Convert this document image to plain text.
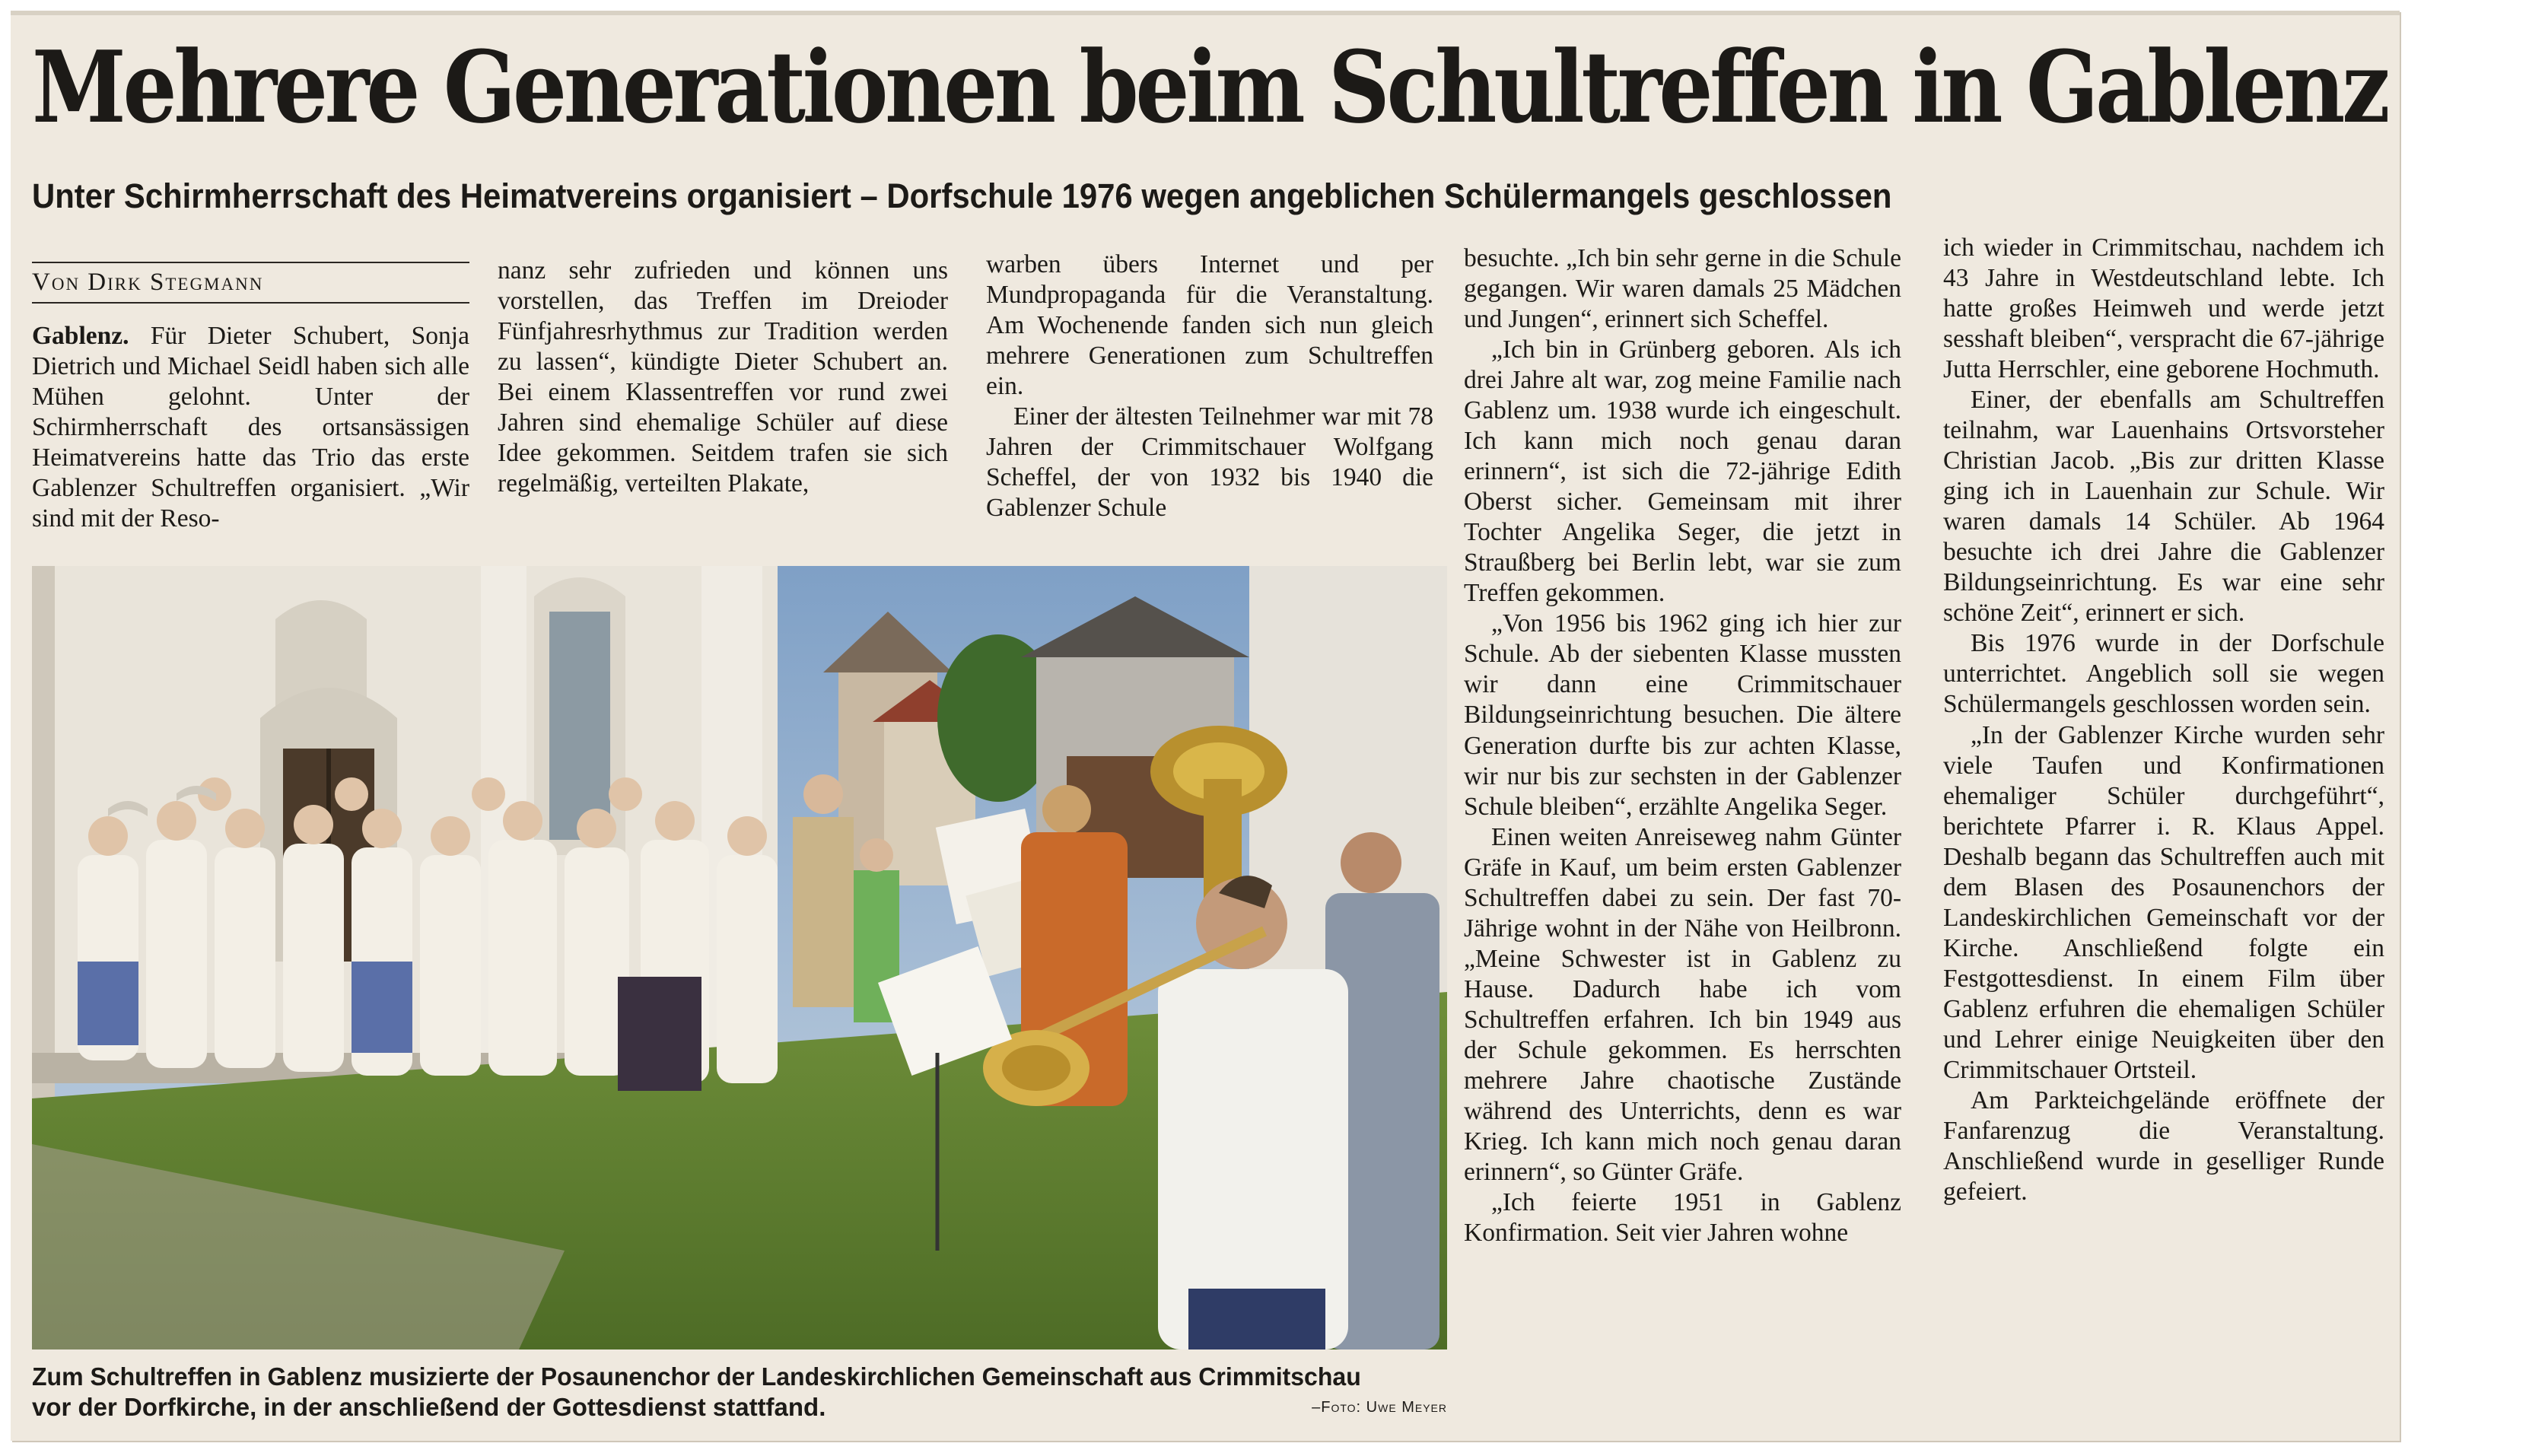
Mehrere Generationen beim Schultreffen in Gablenz
Unter Schirmherrschaft des Heimatvereins organisiert – Dorfschule 1976 wegen angeblichen Schülermangels geschlossen
Von Dirk Stegmann

Gablenz. Für Dieter Schubert, Sonja Dietrich und Michael Seidl haben sich alle Mühen gelohnt. Unter der Schirmherrschaft des ortsansässigen Heimatvereins hatte das Trio das erste Gablenzer Schultreffen organisiert. „Wir sind mit der Reso-

nanz sehr zufrieden und können uns vorstellen, das Treffen im Dreioder Fünfjahresrhythmus zur Tradition werden zu lassen“, kündigte Dieter Schubert an. Bei einem Klassentreffen vor rund zwei Jahren sind ehemalige Schüler auf diese Idee gekommen. Seitdem trafen sie sich regelmäßig, verteilten Plakate,

warben übers Internet und per Mundpropaganda für die Veranstaltung. Am Wochenende fanden sich nun gleich mehrere Generationen zum Schultreffen ein.

Einer der ältesten Teilnehmer war mit 78 Jahren der Crimmitschauer Wolfgang Scheffel, der von 1932 bis 1940 die Gablenzer Schule

Zum Schultreffen in Gablenz musizierte der Posaunenchor der Landeskirchlichen Gemeinschaft aus Crimmitschau
vor der Dorfkirche, in der anschließend der Gottesdienst stattfand.	–Foto: Uwe Meyer

besuchte. „Ich bin sehr gerne in die Schule gegangen. Wir waren damals 25 Mädchen und Jungen“, erinnert sich Scheffel.

„Ich bin in Grünberg geboren. Als ich drei Jahre alt war, zog meine Familie nach Gablenz um. 1938 wurde ich eingeschult. Ich kann mich noch genau daran erinnern“, ist sich die 72-jährige Edith Oberst sicher. Gemeinsam mit ihrer Tochter Angelika Seger, die jetzt in Straußberg bei Berlin lebt, war sie zum Treffen gekommen.

„Von 1956 bis 1962 ging ich hier zur Schule. Ab der siebenten Klasse mussten wir dann eine Crimmitschauer Bildungseinrichtung besuchen. Die ältere Generation durfte bis zur achten Klasse, wir nur bis zur sechsten in der Gablenzer Schule bleiben“, erzählte Angelika Seger.

Einen weiten Anreiseweg nahm Günter Gräfe in Kauf, um beim ersten Gablenzer Schultreffen dabei zu sein. Der fast 70-Jährige wohnt in der Nähe von Heilbronn. „Meine Schwester ist in Gablenz zu Hause. Dadurch habe ich vom Schultreffen erfahren. Ich bin 1949 aus der Schule gekommen. Es herrschten mehrere Jahre chaotische Zustände während des Unterrichts, denn es war Krieg. Ich kann mich noch genau daran erinnern“, so Günter Gräfe.

„Ich feierte 1951 in Gablenz Konfirmation. Seit vier Jahren wohne

ich wieder in Crimmitschau, nachdem ich 43 Jahre in Westdeutschland lebte. Ich hatte großes Heimweh und werde jetzt sesshaft bleiben“, verspracht die 67-jährige Jutta Herrschler, eine geborene Hochmuth.

Einer, der ebenfalls am Schultreffen teilnahm, war Lauenhains Ortsvorsteher Christian Jacob. „Bis zur dritten Klasse ging ich in Lauenhain zur Schule. Wir waren damals 14 Schüler. Ab 1964 besuchte ich drei Jahre die Gablenzer Bildungseinrichtung. Es war eine sehr schöne Zeit“, erinnert er sich.

Bis 1976 wurde in der Dorfschule unterrichtet. Angeblich soll sie wegen Schülermangels geschlossen worden sein.

„In der Gablenzer Kirche wurden sehr viele Taufen und Konfirmationen ehemaliger Schüler durchgeführt“, berichtete Pfarrer i. R. Klaus Appel. Deshalb begann das Schultreffen auch mit dem Blasen des Posaunenchors der Landeskirchlichen Gemeinschaft vor der Kirche. Anschließend folgte ein Festgottesdienst. In einem Film über Gablenz erfuhren die ehemaligen Schüler und Lehrer einige Neuigkeiten über den Crimmitschauer Ortsteil.

Am Parkteichgelände eröffnete der Fanfarenzug die Veranstaltung. Anschließend wurde in geselliger Runde gefeiert.
